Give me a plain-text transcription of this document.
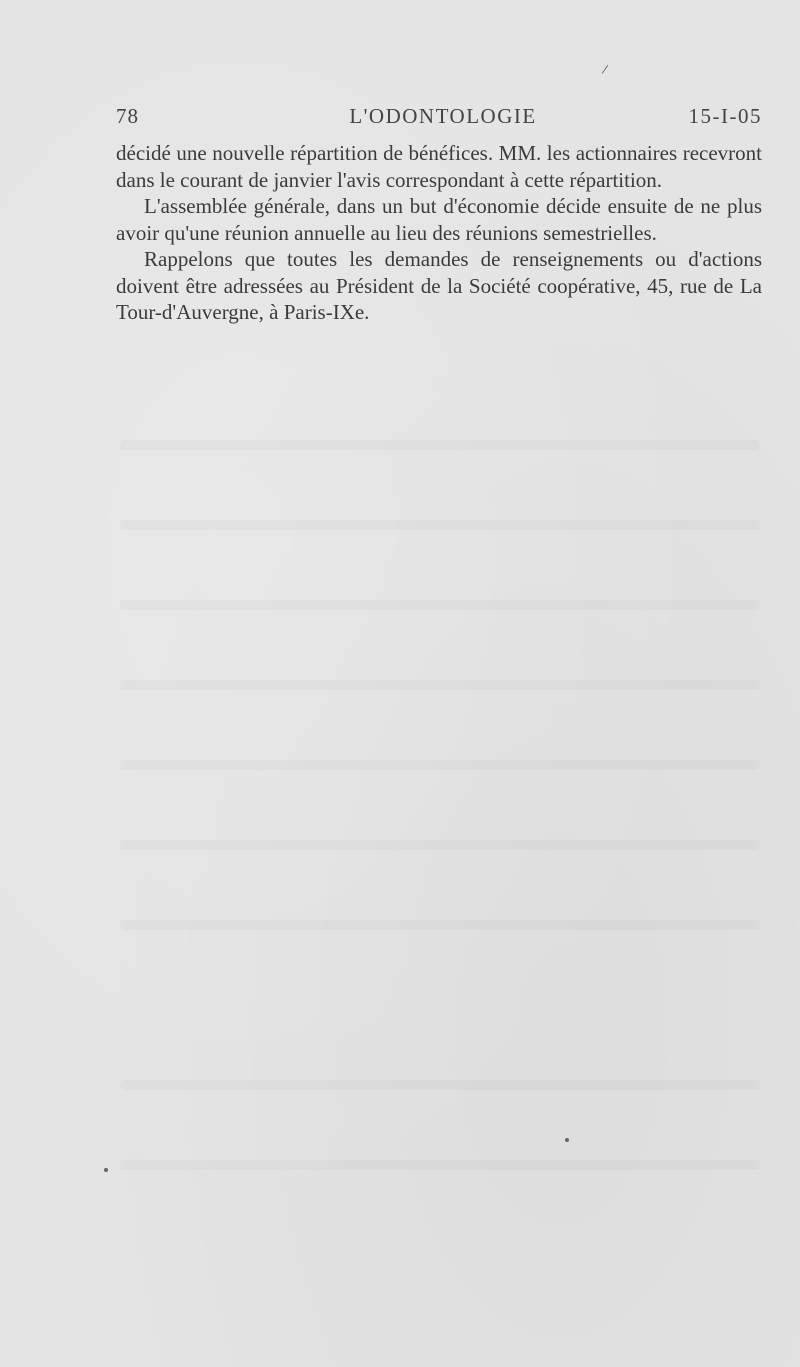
78	L'ODONTOLOGIE	15-I-05

décidé une nouvelle répartition de bénéfices. MM. les actionnaires recevront dans le courant de janvier l'avis correspondant à cette répartition.

L'assemblée générale, dans un but d'économie décide ensuite de ne plus avoir qu'une réunion annuelle au lieu des réunions semestrielles.

Rappelons que toutes les demandes de renseignements ou d'actions doivent être adressées au Président de la Société coopérative, 45, rue de La Tour-d'Auvergne, à Paris-IXe.
